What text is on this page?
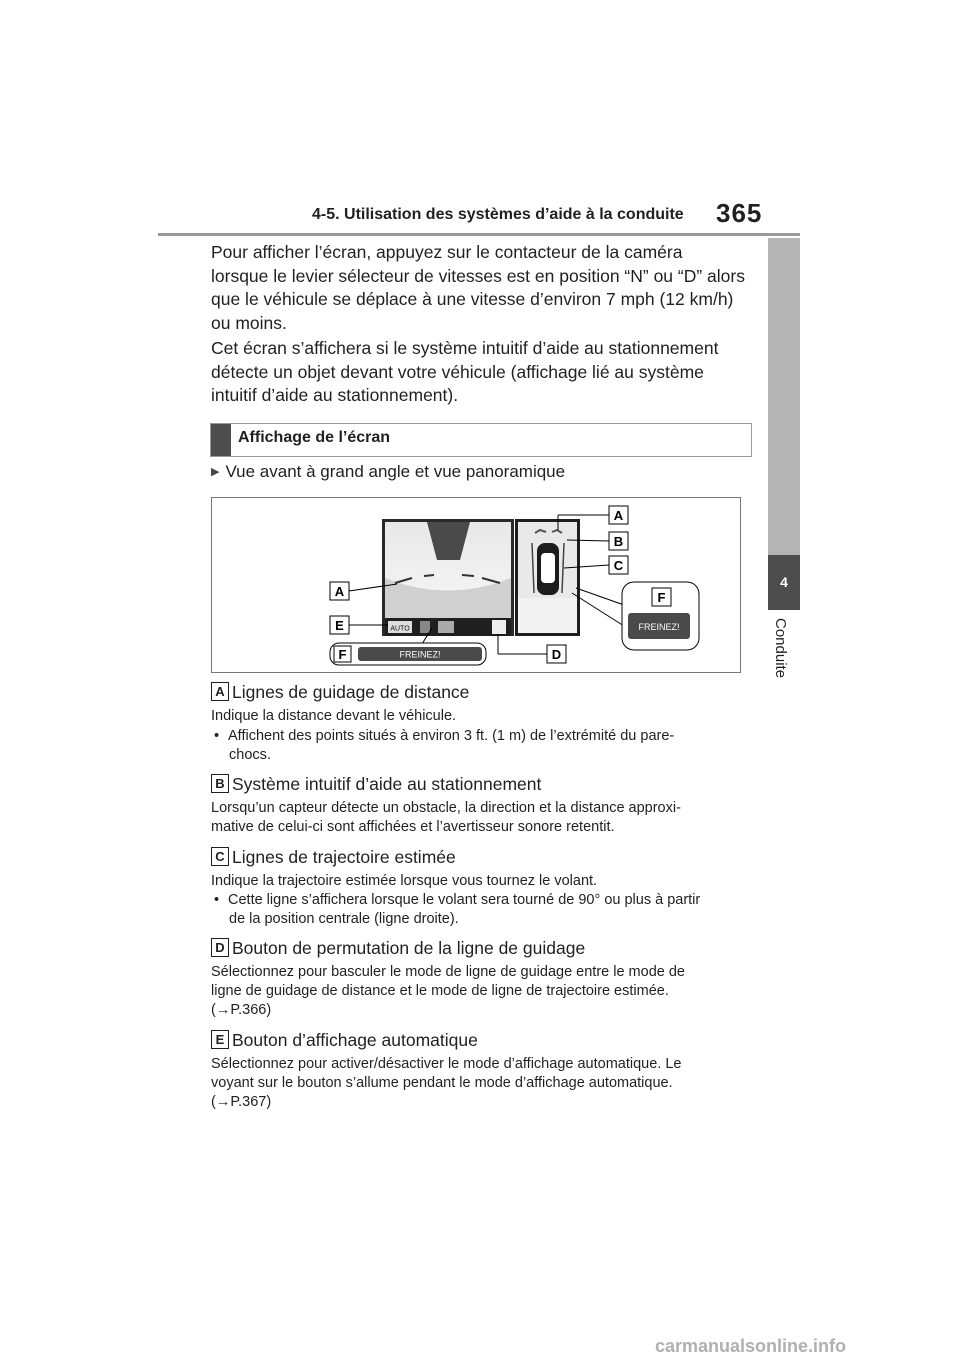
4-5. Utilisation des systèmes d’aide à la conduite 365
4
Conduite
Pour afficher l’écran, appuyez sur le contacteur de la caméra
lorsque le levier sélecteur de vitesses est en position “N” ou “D” alors
que le véhicule se déplace à une vitesse d’environ 7 mph (12 km/h)
ou moins.
Cet écran s’affichera si le système intuitif d’aide au stationnement
détecte un objet devant votre véhicule (affichage lié au système
intuitif d’aide au stationnement).
Affichage de l’écran
▶ Vue avant à grand angle et vue panoramique
AUTO
A
B
C
A
E
F	FREINEZ!	D
F
FREINEZ!
A Lignes de guidage de distance
Indique la distance devant le véhicule.
• Affichent des points situés à environ 3 ft. (1 m) de l’extrémité du pare-
chocs.
B Système intuitif d’aide au stationnement
Lorsqu’un capteur détecte un obstacle, la direction et la distance approxi-
mative de celui-ci sont affichées et l’avertisseur sonore retentit.
C Lignes de trajectoire estimée
Indique la trajectoire estimée lorsque vous tournez le volant.
• Cette ligne s’affichera lorsque le volant sera tourné de 90° ou plus à partir
de la position centrale (ligne droite).
D Bouton de permutation de la ligne de guidage
Sélectionnez pour basculer le mode de ligne de guidage entre le mode de
ligne de guidage de distance et le mode de ligne de trajectoire estimée.
(→P.366)
E Bouton d’affichage automatique
Sélectionnez pour activer/désactiver le mode d’affichage automatique. Le
voyant sur le bouton s’allume pendant le mode d’affichage automatique.
(→P.367)
carmanualsonline.info
